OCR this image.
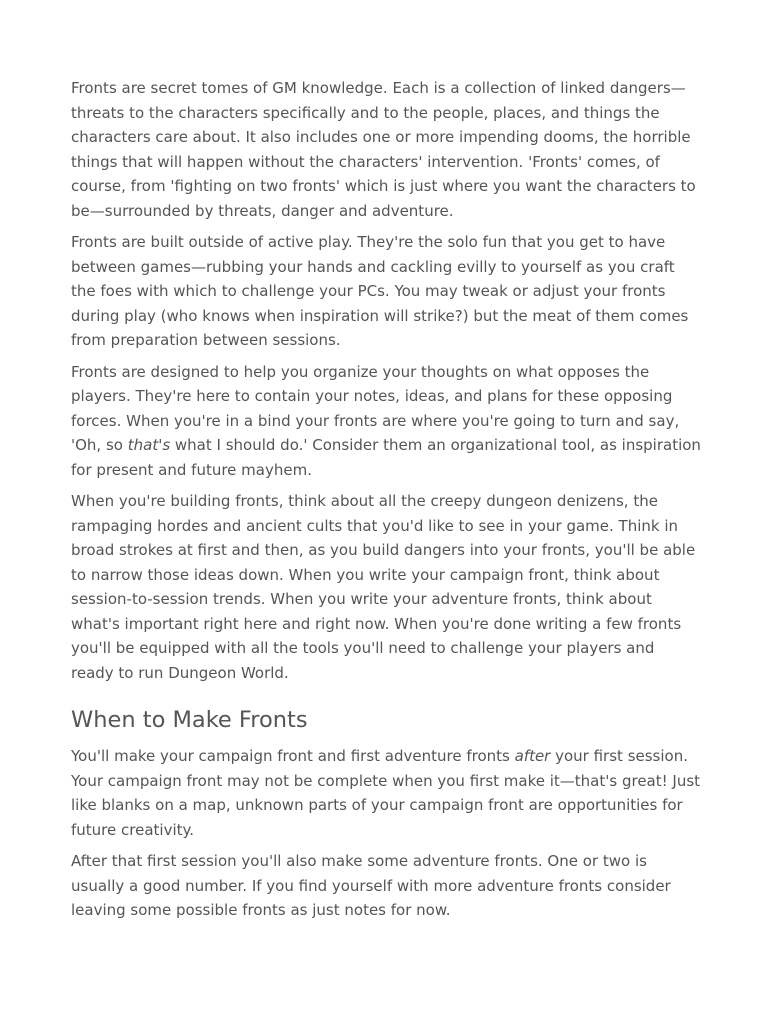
Fronts are secret tomes of GM knowledge. Each is a collection of linked dangers—threats to the characters specifically and to the people, places, and things the characters care about. It also includes one or more impending dooms, the horrible things that will happen without the characters' intervention. 'Fronts' comes, of course, from 'fighting on two fronts' which is just where you want the characters to be—surrounded by threats, danger and adventure.

Fronts are built outside of active play. They're the solo fun that you get to have between games—rubbing your hands and cackling evilly to yourself as you craft the foes with which to challenge your PCs. You may tweak or adjust your fronts during play (who knows when inspiration will strike?) but the meat of them comes from preparation between sessions.

Fronts are designed to help you organize your thoughts on what opposes the players. They're here to contain your notes, ideas, and plans for these opposing forces. When you're in a bind your fronts are where you're going to turn and say, 'Oh, so that's what I should do.' Consider them an organizational tool, as inspiration for present and future mayhem.

When you're building fronts, think about all the creepy dungeon denizens, the rampaging hordes and ancient cults that you'd like to see in your game. Think in broad strokes at first and then, as you build dangers into your fronts, you'll be able to narrow those ideas down. When you write your campaign front, think about session-to-session trends. When you write your adventure fronts, think about what's important right here and right now. When you're done writing a few fronts you'll be equipped with all the tools you'll need to challenge your players and ready to run Dungeon World.

When to Make Fronts

You'll make your campaign front and first adventure fronts after your first session. Your campaign front may not be complete when you first make it—that's great! Just like blanks on a map, unknown parts of your campaign front are opportunities for future creativity.

After that first session you'll also make some adventure fronts. One or two is usually a good number. If you find yourself with more adventure fronts consider leaving some possible fronts as just notes for now.
